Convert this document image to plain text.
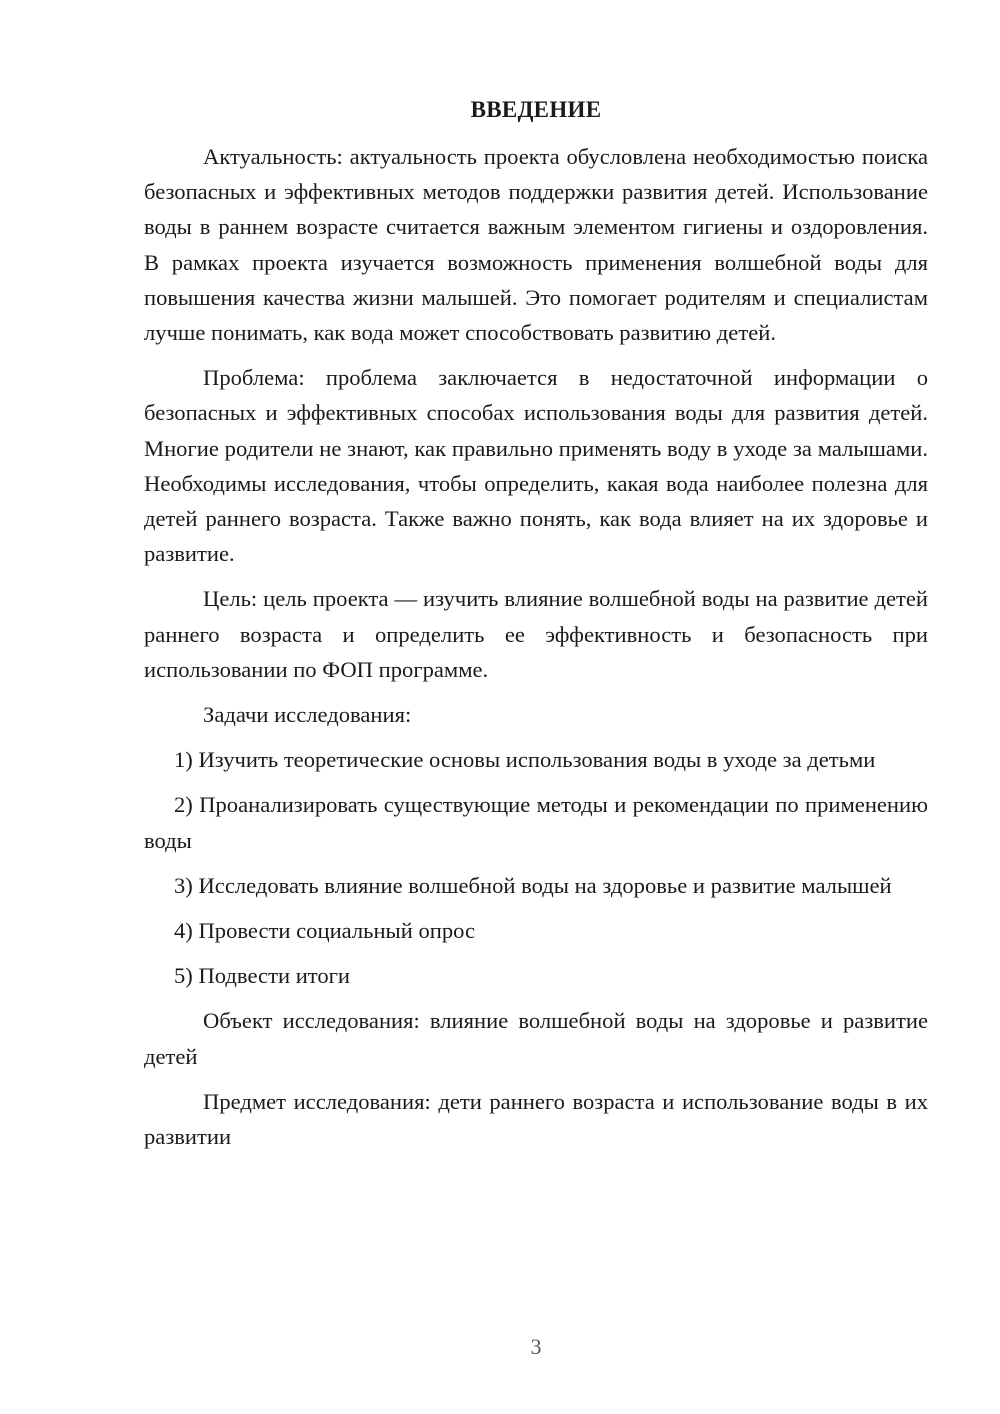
ВВЕДЕНИЕ

Актуальность: актуальность проекта обусловлена необходимостью поиска безопасных и эффективных методов поддержки развития детей. Использование воды в раннем возрасте считается важным элементом гигиены и оздоровления. В рамках проекта изучается возможность применения волшебной воды для повышения качества жизни малышей. Это помогает родителям и специалистам лучше понимать, как вода может способствовать развитию детей.

Проблема: проблема заключается в недостаточной информации о безопасных и эффективных способах использования воды для развития детей. Многие родители не знают, как правильно применять воду в уходе за малышами. Необходимы исследования, чтобы определить, какая вода наиболее полезна для детей раннего возраста. Также важно понять, как вода влияет на их здоровье и развитие.

Цель: цель проекта — изучить влияние волшебной воды на развитие детей раннего возраста и определить ее эффективность и безопасность при использовании по ФОП программе.

Задачи исследования:

1) Изучить теоретические основы использования воды в уходе за детьми

2) Проанализировать существующие методы и рекомендации по применению воды

3) Исследовать влияние волшебной воды на здоровье и развитие малышей

4) Провести социальный опрос

5) Подвести итоги

Объект исследования: влияние волшебной воды на здоровье и развитие детей

Предмет исследования: дети раннего возраста и использование воды в их развитии

3
